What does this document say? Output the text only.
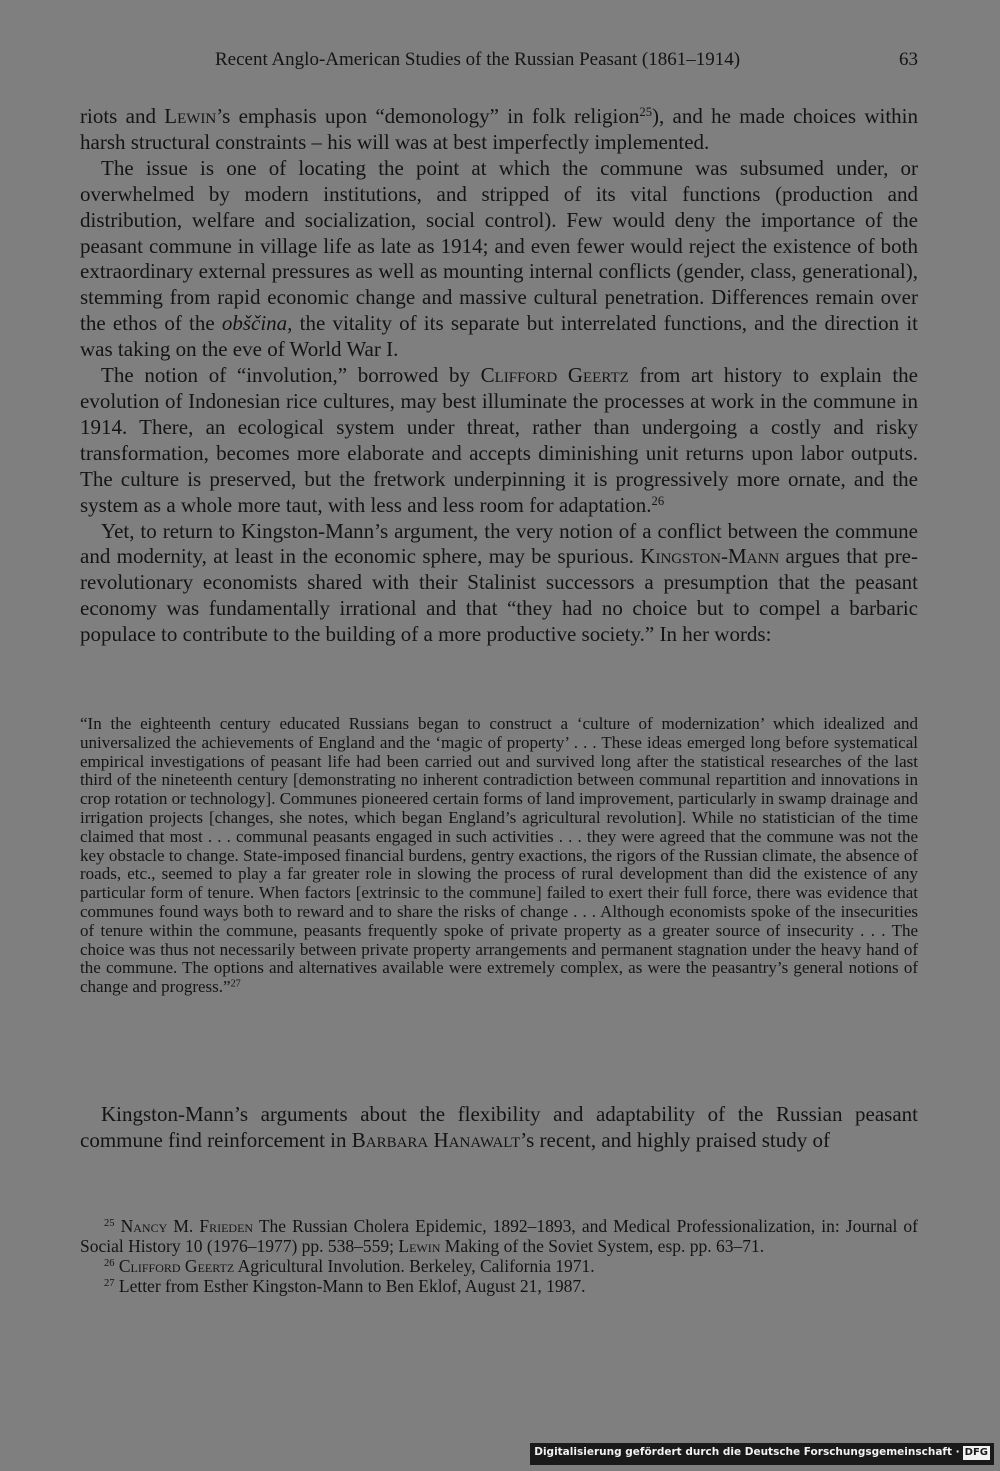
Recent Anglo-American Studies of the Russian Peasant (1861–1914)	63

riots and Lewin’s emphasis upon “demonology” in folk religion$^{25}$), and he made choices within harsh structural constraints – his will was at best imperfectly implemented.

The issue is one of locating the point at which the commune was subsumed under, or overwhelmed by modern institutions, and stripped of its vital functions (production and distribution, welfare and socialization, social control). Few would deny the importance of the peasant commune in village life as late as 1914; and even fewer would reject the existence of both extraordinary external pressures as well as mounting internal conflicts (gender, class, generational), stemming from rapid economic change and massive cultural penetration. Differences remain over the ethos of the obščina, the vitality of its separate but interrelated functions, and the direction it was taking on the eve of World War I.

The notion of “involution,” borrowed by Clifford Geertz from art history to explain the evolution of Indonesian rice cultures, may best illuminate the processes at work in the commune in 1914. There, an ecological system under threat, rather than undergoing a costly and risky transformation, becomes more elaborate and accepts diminishing unit returns upon labor outputs. The culture is preserved, but the fretwork underpinning it is progressively more ornate, and the system as a whole more taut, with less and less room for adaptation.$^{26}$

Yet, to return to Kingston-Mann’s argument, the very notion of a conflict between the commune and modernity, at least in the economic sphere, may be spurious. Kingston-Mann argues that pre-revolutionary economists shared with their Stalinist successors a presumption that the peasant economy was fundamentally irrational and that “they had no choice but to compel a barbaric populace to contribute to the building of a more productive society.” In her words:

“In the eighteenth century educated Russians began to construct a ‘culture of modernization’ which idealized and universalized the achievements of England and the ‘magic of property’ . . . These ideas emerged long before systematical empirical investigations of peasant life had been carried out and survived long after the statistical researches of the last third of the nineteenth century [demonstrating no inherent contradiction between communal repartition and innovations in crop rotation or technology]. Communes pioneered certain forms of land improvement, particularly in swamp drainage and irrigation projects [changes, she notes, which began England’s agricultural revolution]. While no statistician of the time claimed that most . . . communal peasants engaged in such activities . . . they were agreed that the commune was not the key obstacle to change. State-imposed financial burdens, gentry exactions, the rigors of the Russian climate, the absence of roads, etc., seemed to play a far greater role in slowing the process of rural development than did the existence of any particular form of tenure. When factors [extrinsic to the commune] failed to exert their full force, there was evidence that communes found ways both to reward and to share the risks of change . . . Although economists spoke of the insecurities of tenure within the commune, peasants frequently spoke of private property as a greater source of insecurity . . . The choice was thus not necessarily between private property arrangements and permanent stagnation under the heavy hand of the commune. The options and alternatives available were extremely complex, as were the peasantry’s general notions of change and progress.”$^{27}$
Kingston-Mann’s arguments about the flexibility and adaptability of the Russian peasant commune find reinforcement in Barbara Hanawalt’s recent, and highly praised study of
$^{25}$ Nancy M. Frieden The Russian Cholera Epidemic, 1892–1893, and Medical Professionalization, in: Journal of Social History 10 (1976–1977) pp. 538–559; Lewin Making of the Soviet System, esp. pp. 63–71.
$^{26}$ Clifford Geertz Agricultural Involution. Berkeley, California 1971.
$^{27}$ Letter from Esther Kingston-Mann to Ben Eklof, August 21, 1987.
Digitalisierung gefördert durch die Deutsche Forschungsgemeinschaft · DFG
